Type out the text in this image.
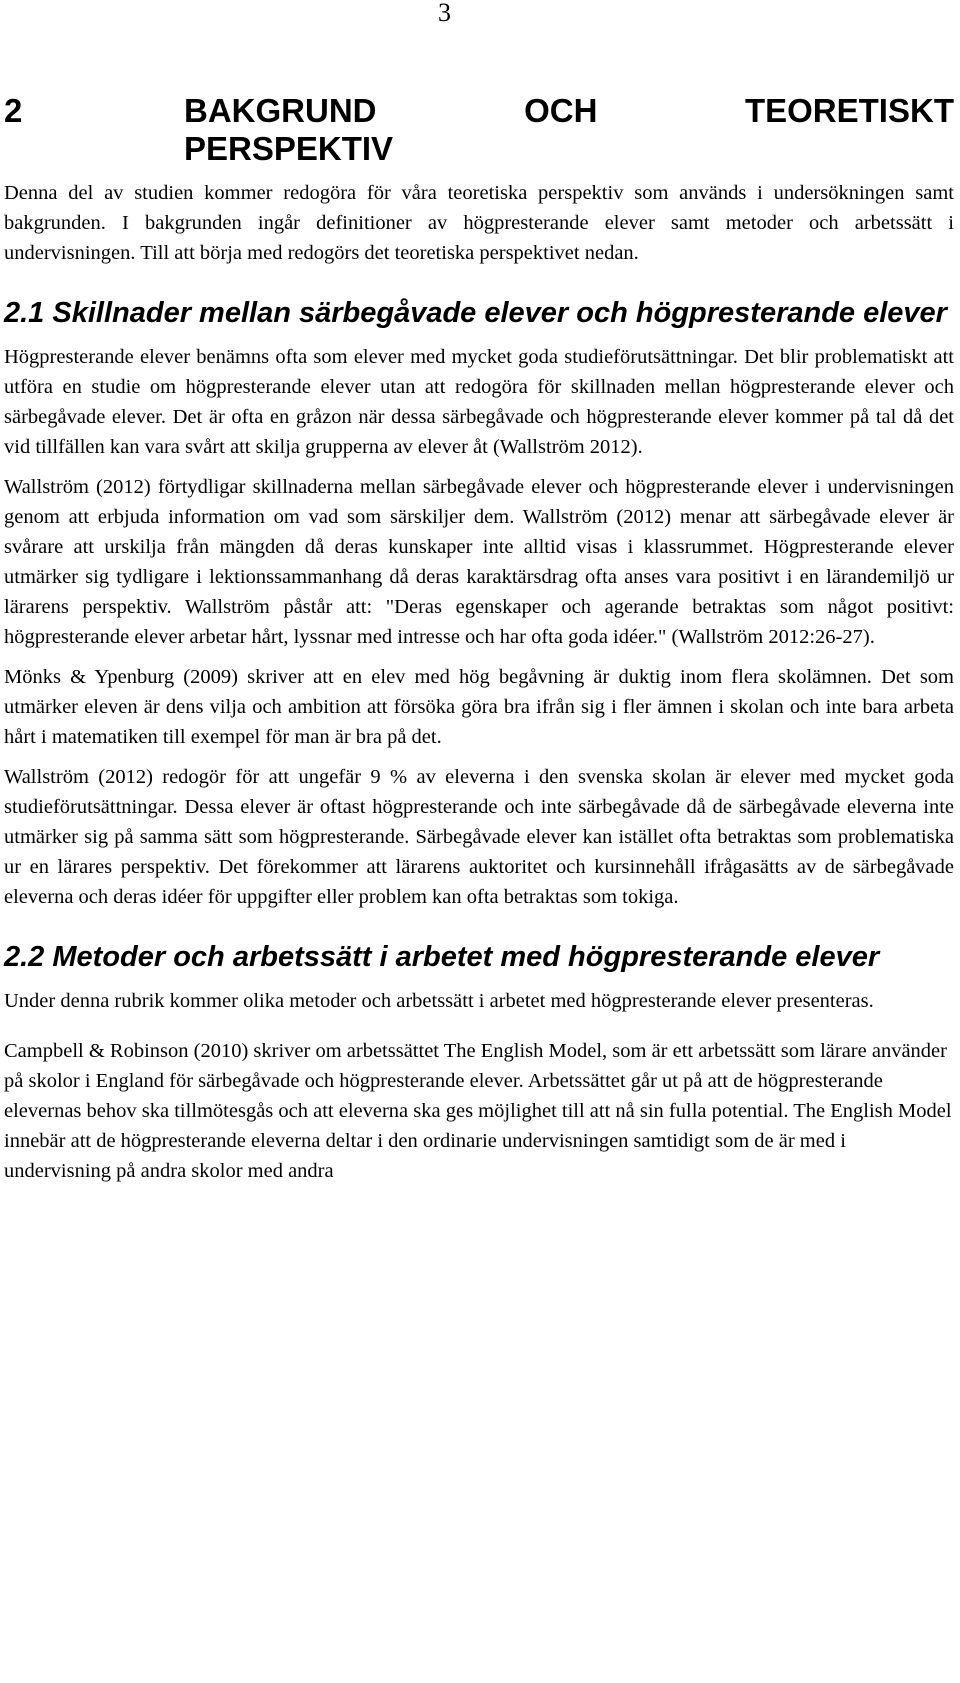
3
2	BAKGRUND	OCH	TEORETISKT
PERSPEKTIV

Denna del av studien kommer redogöra för våra teoretiska perspektiv som används i undersökningen samt bakgrunden. I bakgrunden ingår definitioner av högpresterande elever samt metoder och arbetssätt i undervisningen. Till att börja med redogörs det teoretiska perspektivet nedan.

2.1 Skillnader mellan särbegåvade elever och högpresterande elever

Högpresterande elever benämns ofta som elever med mycket goda studieförutsättningar. Det blir problematiskt att utföra en studie om högpresterande elever utan att redogöra för skillnaden mellan högpresterande elever och särbegåvade elever. Det är ofta en gråzon när dessa särbegåvade och högpresterande elever kommer på tal då det vid tillfällen kan vara svårt att skilja grupperna av elever åt (Wallström 2012).

Wallström (2012) förtydligar skillnaderna mellan särbegåvade elever och högpresterande elever i undervisningen genom att erbjuda information om vad som särskiljer dem. Wallström (2012) menar att särbegåvade elever är svårare att urskilja från mängden då deras kunskaper inte alltid visas i klassrummet. Högpresterande elever utmärker sig tydligare i lektionssammanhang då deras karaktärsdrag ofta anses vara positivt i en lärandemiljö ur lärarens perspektiv. Wallström påstår att: "Deras egenskaper och agerande betraktas som något positivt: högpresterande elever arbetar hårt, lyssnar med intresse och har ofta goda idéer." (Wallström 2012:26-27).

Mönks & Ypenburg (2009) skriver att en elev med hög begåvning är duktig inom flera skolämnen. Det som utmärker eleven är dens vilja och ambition att försöka göra bra ifrån sig i fler ämnen i skolan och inte bara arbeta hårt i matematiken till exempel för man är bra på det.

Wallström (2012) redogör för att ungefär 9 % av eleverna i den svenska skolan är elever med mycket goda studieförutsättningar. Dessa elever är oftast högpresterande och inte särbegåvade då de särbegåvade eleverna inte utmärker sig på samma sätt som högpresterande. Särbegåvade elever kan istället ofta betraktas som problematiska ur en lärares perspektiv. Det förekommer att lärarens auktoritet och kursinnehåll ifrågasätts av de särbegåvade eleverna och deras idéer för uppgifter eller problem kan ofta betraktas som tokiga.

2.2 Metoder och arbetssätt i arbetet med högpresterande elever

Under denna rubrik kommer olika metoder och arbetssätt i arbetet med högpresterande elever presenteras.

Campbell & Robinson (2010) skriver om arbetssättet The English Model, som är ett arbetssätt som lärare använder på skolor i England för särbegåvade och högpresterande elever. Arbetssättet går ut på att de högpresterande elevernas behov ska tillmötesgås och att eleverna ska ges möjlighet till att nå sin fulla potential. The English Model innebär att de högpresterande eleverna deltar i den ordinarie undervisningen samtidigt som de är med i undervisning på andra skolor med andra
